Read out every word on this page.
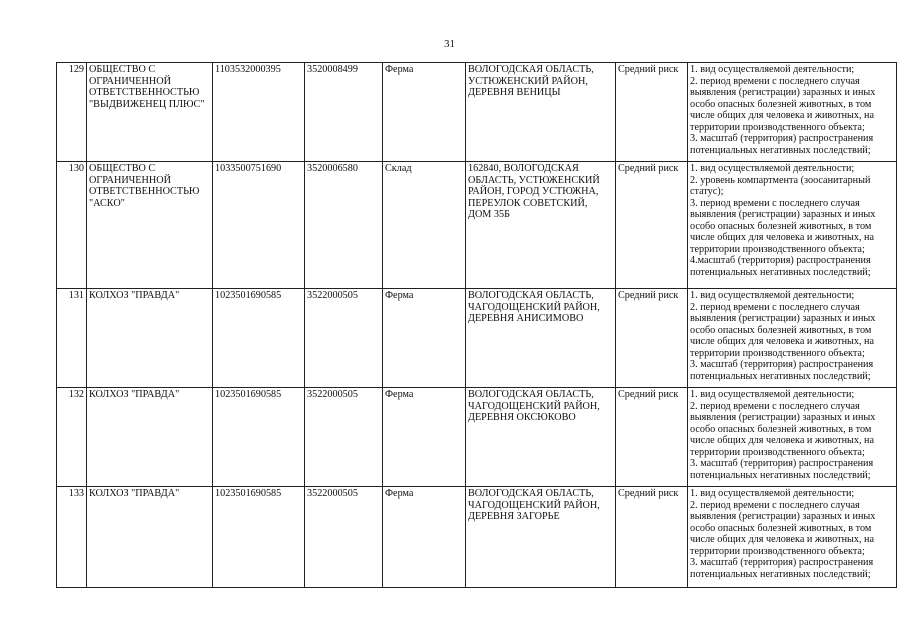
31
129	ОБЩЕСТВО С ОГРАНИЧЕННОЙ ОТВЕТСТВЕННОСТЬЮ "ВЫДВИЖЕНЕЦ ПЛЮС"	1103532000395	3520008499	Ферма	ВОЛОГОДСКАЯ ОБЛАСТЬ, УСТЮЖЕНСКИЙ РАЙОН, ДЕРЕВНЯ ВЕНИЦЫ	Средний риск	1. вид осуществляемой деятельности;
2. период времени с последнего случая выявления (регистрации) заразных и иных особо опасных болезней животных, в том числе общих для человека и животных, на территории производственного объекта;
3. масштаб (территория) распространения потенциальных негативных последствий;

130	ОБЩЕСТВО С ОГРАНИЧЕННОЙ ОТВЕТСТВЕННОСТЬЮ "АСКО"	1033500751690	3520006580	Склад	162840, ВОЛОГОДСКАЯ ОБЛАСТЬ, УСТЮЖЕНСКИЙ РАЙОН, ГОРОД УСТЮЖНА, ПЕРЕУЛОК СОВЕТСКИЙ, ДОМ 35Б	Средний риск	1. вид осуществляемой деятельности;
2. уровень компартмента (зоосанитарный статус);
3. период времени с последнего случая выявления (регистрации) заразных и иных особо опасных болезней животных, в том числе общих для человека и животных, на территории производственного объекта;
4.масштаб (территория) распространения потенциальных негативных последствий;

131	КОЛХОЗ "ПРАВДА"	1023501690585	3522000505	Ферма	ВОЛОГОДСКАЯ ОБЛАСТЬ, ЧАГОДОЩЕНСКИЙ РАЙОН, ДЕРЕВНЯ АНИСИМОВО	Средний риск	1. вид осуществляемой деятельности;
2. период времени с последнего случая выявления (регистрации) заразных и иных особо опасных болезней животных, в том числе общих для человека и животных, на территории производственного объекта;
3. масштаб (территория) распространения потенциальных негативных последствий;

132	КОЛХОЗ "ПРАВДА"	1023501690585	3522000505	Ферма	ВОЛОГОДСКАЯ ОБЛАСТЬ, ЧАГОДОЩЕНСКИЙ РАЙОН, ДЕРЕВНЯ ОКСЮКОВО	Средний риск	1. вид осуществляемой деятельности;
2. период времени с последнего случая выявления (регистрации) заразных и иных особо опасных болезней животных, в том числе общих для человека и животных, на территории производственного объекта;
3. масштаб (территория) распространения потенциальных негативных последствий;

133	КОЛХОЗ "ПРАВДА"	1023501690585	3522000505	Ферма	ВОЛОГОДСКАЯ ОБЛАСТЬ, ЧАГОДОЩЕНСКИЙ РАЙОН, ДЕРЕВНЯ ЗАГОРЬЕ	Средний риск	1. вид осуществляемой деятельности;
2. период времени с последнего случая выявления (регистрации) заразных и иных особо опасных болезней животных, в том числе общих для человека и животных, на территории производственного объекта;
3. масштаб (территория) распространения потенциальных негативных последствий;
